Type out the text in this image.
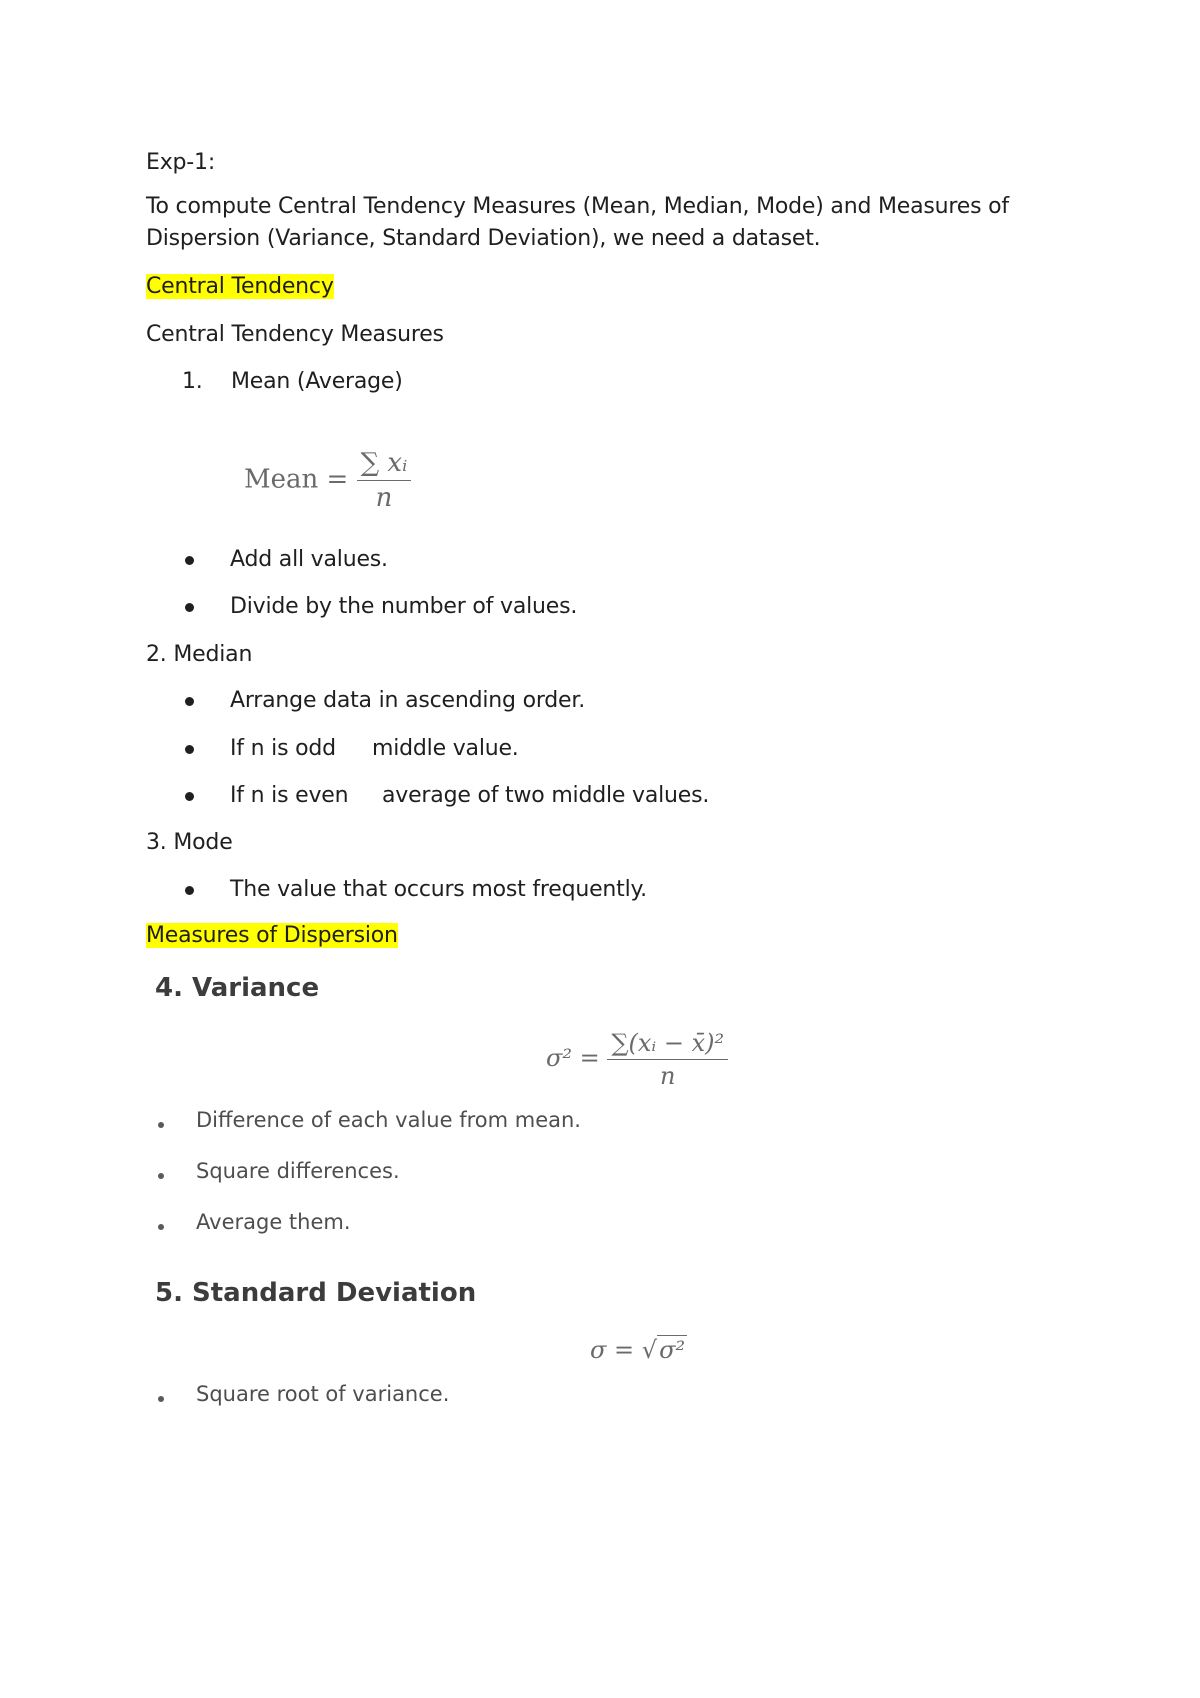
Exp-1:
To compute Central Tendency Measures (Mean, Median, Mode) and Measures of
Dispersion (Variance, Standard Deviation), we need a dataset.
Central Tendency
Central Tendency Measures
1. Mean (Average)
Mean = $\frac{\text{∑ xᵢ}}{n}$
Add all values.
Divide by the number of values.
2. Median
Arrange data in ascending order.
If n is odd middle value.
If n is even average of two middle values.
3. Mode
The value that occurs most frequently.
Measures of Dispersion
4. Variance
$\sigma^2 = \frac{\text{∑(xᵢ − x̄)²}}{n}$
Difference of each value from mean.
Square differences.
Average them.
5. Standard Deviation
σ = √σ²
Square root of variance.
